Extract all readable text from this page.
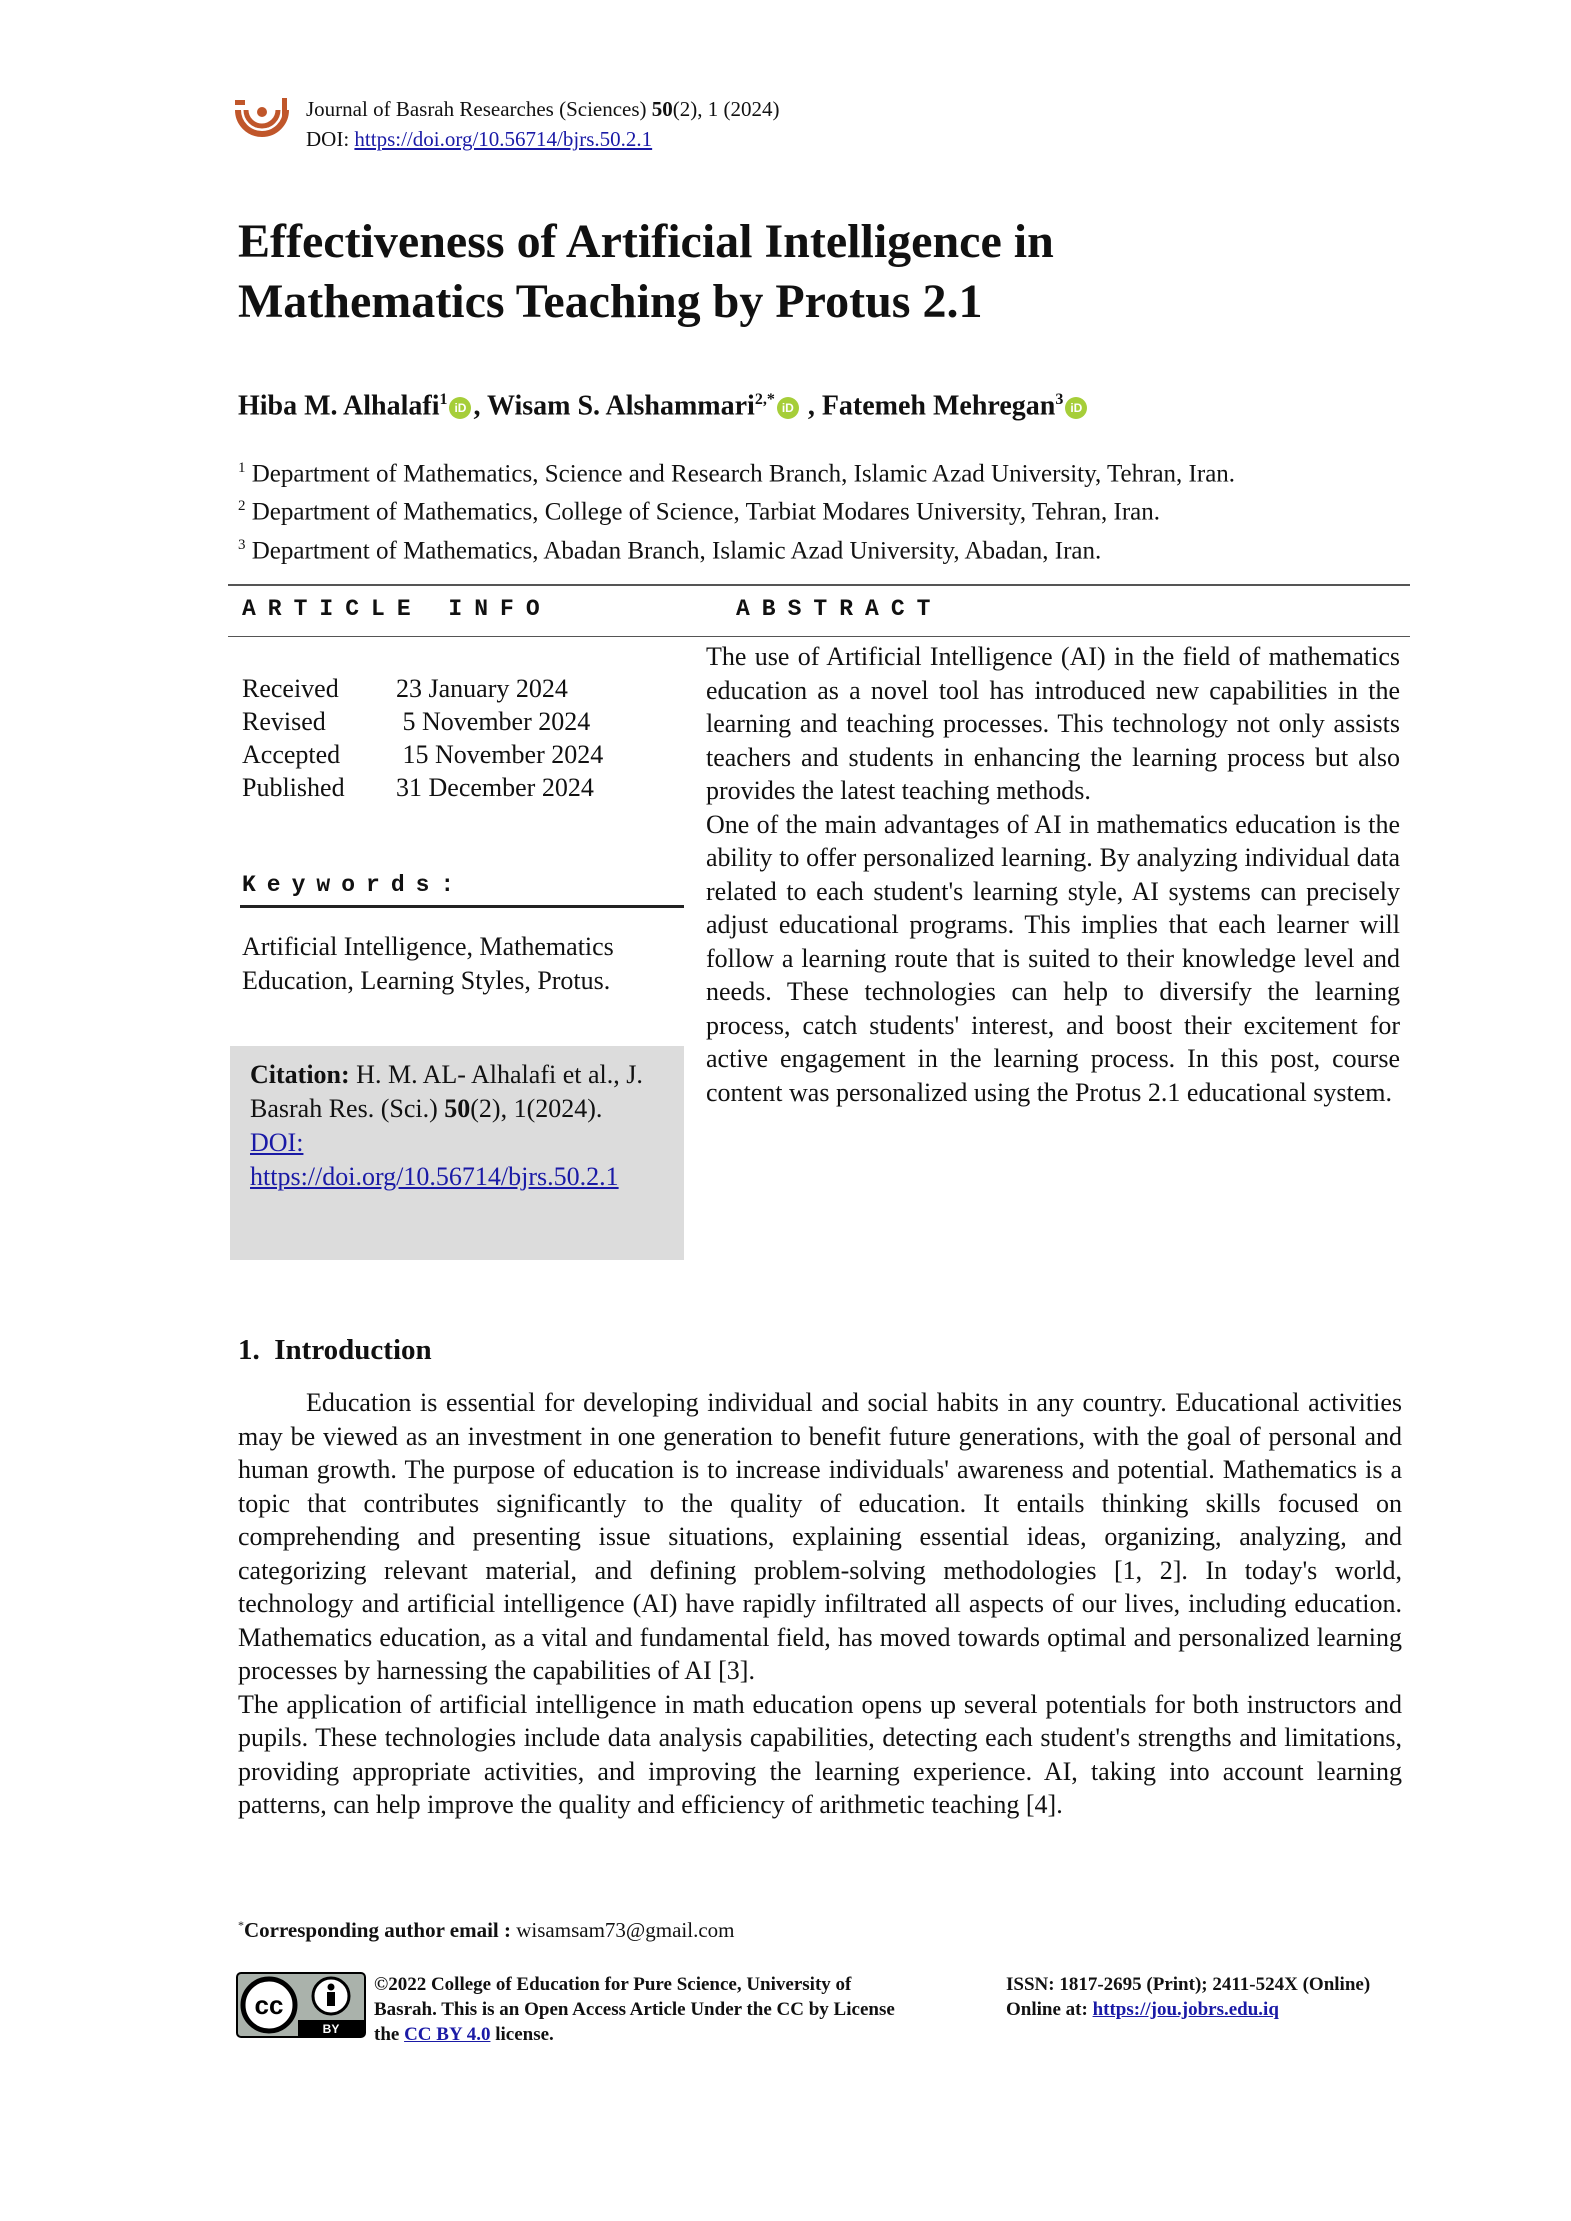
Journal of Basrah Researches (Sciences) 50(2), 1 (2024)
DOI: https://doi.org/10.56714/bjrs.50.2.1
Effectiveness of Artificial Intelligence in
Mathematics Teaching by Protus 2.1
Hiba M. Alhalafi$^1$iD , Wisam S. Alshammari$^{2,*}$iD , Fatemeh Mehregan$^3$iD
$^1$ Department of Mathematics, Science and Research Branch, Islamic Azad University, Tehran, Iran.
$^2$ Department of Mathematics, College of Science, Tarbiat Modares University, Tehran, Iran.
$^3$ Department of Mathematics, Abadan Branch, Islamic Azad University, Abadan, Iran.
ARTICLE INFO	ABSTRACT
Received	23 January 2024
Revised	5 November 2024
Accepted	15 November 2024
Published	31 December 2024
Keywords:
Artificial Intelligence, Mathematics Education, Learning Styles, Protus.
Citation: H. M. AL- Alhalafi et al., J. Basrah Res. (Sci.) 50(2), 1(2024).
DOI: https://doi.org/10.56714/bjrs.50.2.1

The use of Artificial Intelligence (AI) in the field of mathematics education as a novel tool has introduced new capabilities in the learning and teaching processes. This technology not only assists teachers and students in enhancing the learning process but also provides the latest teaching methods.

One of the main advantages of AI in mathematics education is the ability to offer personalized learning. By analyzing individual data related to each student's learning style, AI systems can precisely adjust educational programs. This implies that each learner will follow a learning route that is suited to their knowledge level and needs. These technologies can help to diversify the learning process, catch students' interest, and boost their excitement for active engagement in the learning process. In this post, course content was personalized using the Protus 2.1 educational system.

1.  Introduction

Education is essential for developing individual and social habits in any country. Educational activities may be viewed as an investment in one generation to benefit future generations, with the goal of personal and human growth. The purpose of education is to increase individuals' awareness and potential. Mathematics is a topic that contributes significantly to the quality of education. It entails thinking skills focused on comprehending and presenting issue situations, explaining essential ideas, organizing, analyzing, and categorizing relevant material, and defining problem-solving methodologies [1, 2]. In today's world, technology and artificial intelligence (AI) have rapidly infiltrated all aspects of our lives, including education. Mathematics education, as a vital and fundamental field, has moved towards optimal and personalized learning processes by harnessing the capabilities of AI [3].

The application of artificial intelligence in math education opens up several potentials for both instructors and pupils. These technologies include data analysis capabilities, detecting each student's strengths and limitations, providing appropriate activities, and improving the learning experience. AI, taking into account learning patterns, can help improve the quality and efficiency of arithmetic teaching [4].

*Corresponding author email : wisamsam73@gmail.com
cc
BY
©2022 College of Education for Pure Science, University of Basrah. This is an Open Access Article Under the CC by License the CC BY 4.0 license.
ISSN: 1817-2695 (Print); 2411-524X (Online)
Online at: https://jou.jobrs.edu.iq
